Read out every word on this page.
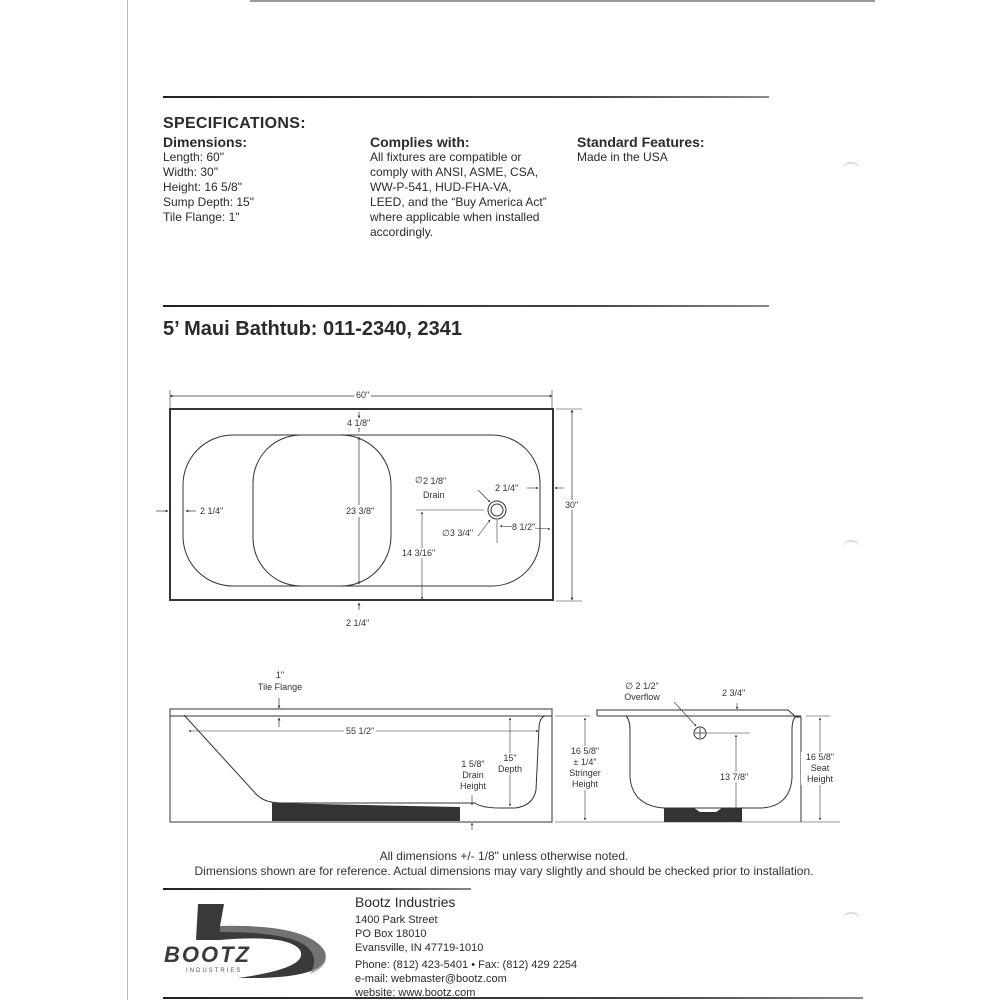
SPECIFICATIONS:
Dimensions:
Length: 60"
Width: 30"
Height: 16 5/8"
Sump Depth: 15"
Tile Flange: 1"
Complies with:
All fixtures are compatible or
comply with ANSI, ASME, CSA,
WW-P-541, HUD-FHA-VA,
LEED, and the “Buy America Act”
where applicable when installed
accordingly.
Standard Features:
Made in the USA
5’ Maui Bathtub: 011-2340, 2341
60"
30"
4 1/8"
23 3/8"
2 1/4"
2 1/4"
∅ 2 1/8"
Drain
2 1/4"
∅3 3/4"
8 1/2"
14 3/16"
1"
Tile Flange
55 1/2"
1 5/8"
Drain
Height
15"
Depth
16 5/8"
± 1/4"
Stringer
Height
∅ 2 1/2"
Overflow	2 3/4"
13 7/8"
16 5/8"
Seat
Height
All dimensions +/- 1/8" unless otherwise noted.
Dimensions shown are for reference. Actual dimensions may vary slightly and should be checked prior to installation.
BOOTZ
INDUSTRIES
Bootz Industries
1400 Park Street
PO Box 18010
Evansville, IN 47719-1010
Phone: (812) 423-5401 • Fax: (812) 429 2254
e-mail: webmaster@bootz.com
website: www.bootz.com
